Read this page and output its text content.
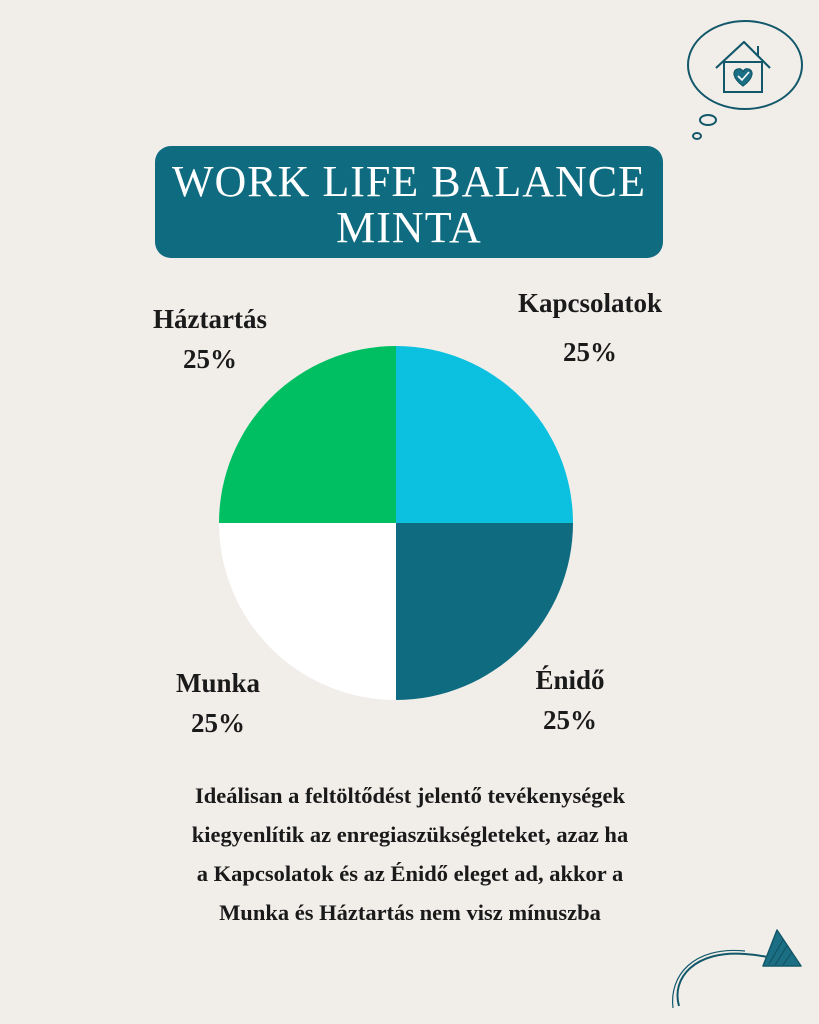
WORK LIFE BALANCE
MINTA
Háztartás
25%
Kapcsolatok
25%
Munka
25%
Énidő
25%
Ideálisan a feltöltődést jelentő tevékenységek
kiegyenlítik az enregiaszükségleteket, azaz ha
a Kapcsolatok és az Énidő eleget ad, akkor a
Munka és Háztartás nem visz mínuszba
